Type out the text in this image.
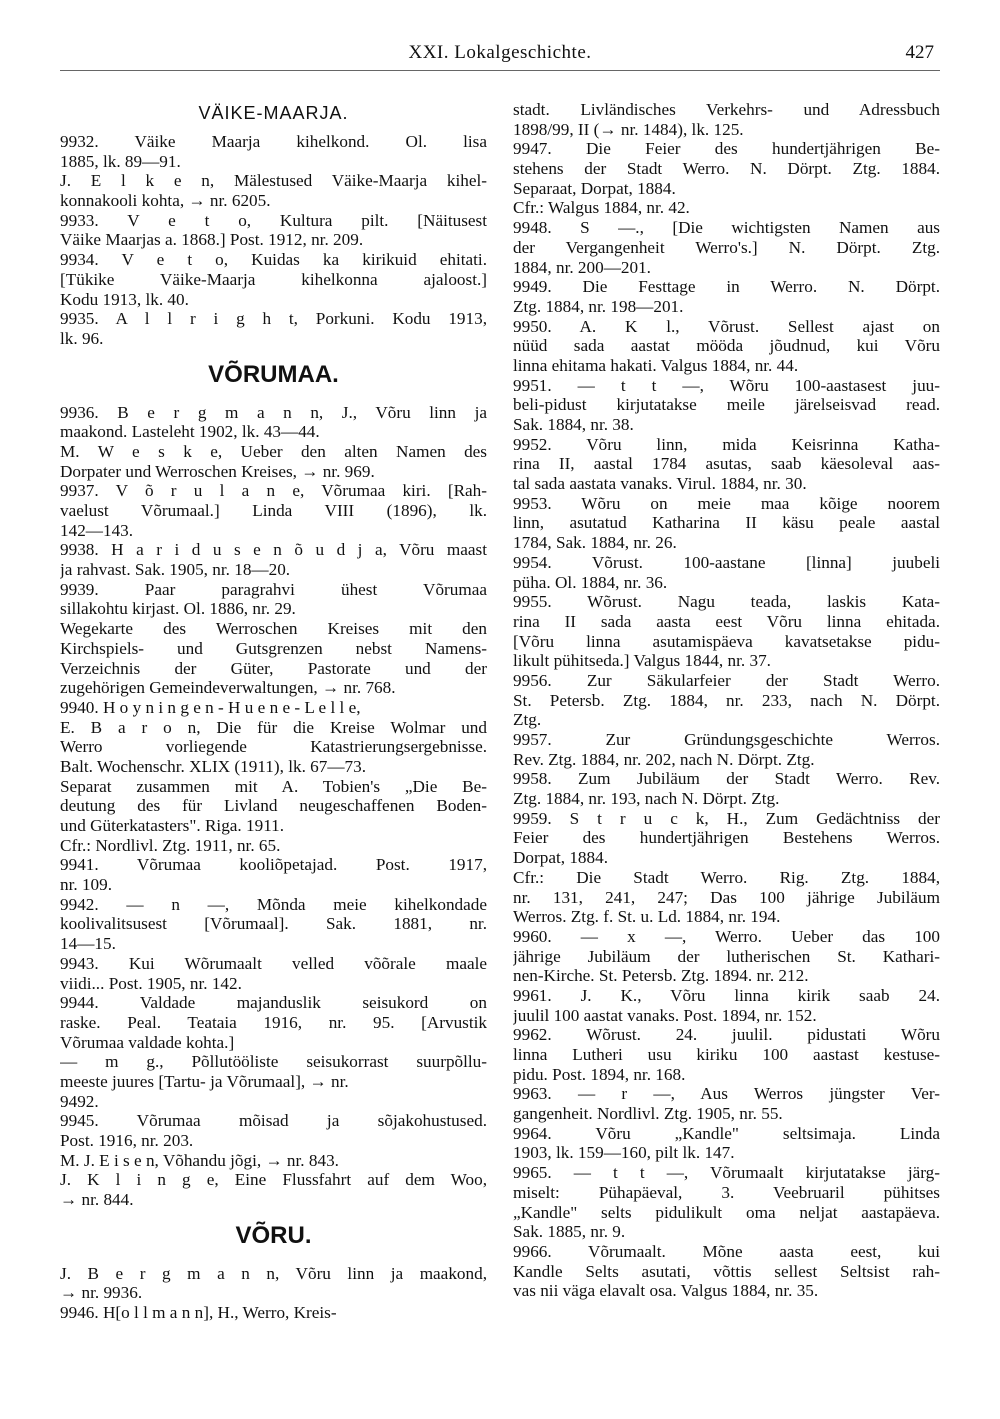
XXI. Lokalgeschichte.	427
VÄIKE-MAARJA.
9932. Väike Maarja kihelkond. Ol. lisa
1885, lk. 89—91.
J. E l k e n, Mälestused Väike-Maarja kihel-
konnakooli kohta, → nr. 6205.
9933. V e t o, Kultura pilt. [Näitusest
Väike Maarjas a. 1868.] Post. 1912, nr. 209.
9934. V e t o, Kuidas ka kirikuid ehitati.
[Tükike Väike-Maarja kihelkonna ajaloost.]
Kodu 1913, lk. 40.
9935. A l l r i g h t, Porkuni. Kodu 1913,
lk. 96.
VÕRUMAA.
9936. B e r g m a n n, J., Võru linn ja
maakond. Lasteleht 1902, lk. 43—44.
M. W e s k e, Ueber den alten Namen des
Dorpater und Werroschen Kreises, → nr. 969.
9937. V õ r u l a n e, Võrumaa kiri. [Rah-
vaelust Võrumaal.] Linda VIII (1896), lk.
142—143.
9938. H a r i d u s e n õ u d j a, Võru maast
ja rahvast. Sak. 1905, nr. 18—20.
9939. Paar paragrahvi ühest Võrumaa
sillakohtu kirjast. Ol. 1886, nr. 29.
Wegekarte des Werroschen Kreises mit den
Kirchspiels- und Gutsgrenzen nebst Namens-
Verzeichnis der Güter, Pastorate und der
zugehörigen Gemeindeverwaltungen, → nr. 768.
9940. H o y n i n g e n - H u e n e - L e l l e,
E. B a r o n, Die für die Kreise Wolmar und
Werro vorliegende Katastrierungsergebnisse.
Balt. Wochenschr. XLIX (1911), lk. 67—73.
Separat zusammen mit A. Tobien's „Die Be-
deutung des für Livland neugeschaffenen Boden-
und Güterkatasters". Riga. 1911.
Cfr.: Nordlivl. Ztg. 1911, nr. 65.
9941. Võrumaa kooliõpetajad. Post. 1917,
nr. 109.
9942. — n —, Mõnda meie kihelkondade
koolivalitsusest [Võrumaal]. Sak. 1881, nr.
14—15.
9943. Kui Wõrumaalt velled võõrale maale
viidi... Post. 1905, nr. 142.
9944. Valdade majanduslik seisukord on
raske. Peal. Teataia 1916, nr. 95. [Arvustik
Võrumaa valdade kohta.]
— m g., Põllutööliste seisukorrast suurpõllu-
meeste juures [Tartu- ja Võrumaal], → nr.
9492.
9945. Võrumaa mõisad ja sõjakohustused.
Post. 1916, nr. 203.
M. J. E i s e n, Võhandu jõgi, → nr. 843.
J. K l i n g e, Eine Flussfahrt auf dem Woo,
→ nr. 844.
VÕRU.
J. B e r g m a n n, Võru linn ja maakond,
→ nr. 9936.
9946. H[o l l m a n n], H., Werro, Kreis-
stadt. Livländisches Verkehrs- und Adressbuch
1898/99, II (→ nr. 1484), lk. 125.
9947. Die Feier des hundertjährigen Be-
stehens der Stadt Werro. N. Dörpt. Ztg. 1884.
Separaat, Dorpat, 1884.
Cfr.: Walgus 1884, nr. 42.
9948. S —., [Die wichtigsten Namen aus
der Vergangenheit Werro's.] N. Dörpt. Ztg.
1884, nr. 200—201.
9949. Die Festtage in Werro. N. Dörpt.
Ztg. 1884, nr. 198—201.
9950. A. K l., Võrust. Sellest ajast on
nüüd sada aastat mööda jõudnud, kui Võru
linna ehitama hakati. Valgus 1884, nr. 44.
9951. — t t —, Wõru 100-aastasest juu-
beli-pidust kirjutatakse meile järelseisvad read.
Sak. 1884, nr. 38.
9952. Võru linn, mida Keisrinna Katha-
rina II, aastal 1784 asutas, saab käesoleval aas-
tal sada aastata vanaks. Virul. 1884, nr. 30.
9953. Wõru on meie maa kõige noorem
linn, asutatud Katharina II käsu peale aastal
1784, Sak. 1884, nr. 26.
9954. Võrust. 100-aastane [linna] juubeli
püha. Ol. 1884, nr. 36.
9955. Wõrust. Nagu teada, laskis Kata-
rina II sada aasta eest Võru linna ehitada.
[Võru linna asutamispäeva kavatsetakse pidu-
likult pühitseda.] Valgus 1844, nr. 37.
9956. Zur Säkularfeier der Stadt Werro.
St. Petersb. Ztg. 1884, nr. 233, nach N. Dörpt.
Ztg.
9957. Zur Gründungsgeschichte Werros.
Rev. Ztg. 1884, nr. 202, nach N. Dörpt. Ztg.
9958. Zum Jubiläum der Stadt Werro. Rev.
Ztg. 1884, nr. 193, nach N. Dörpt. Ztg.
9959. S t r u c k, H., Zum Gedächtniss der
Feier des hundertjährigen Bestehens Werros.
Dorpat, 1884.
Cfr.: Die Stadt Werro. Rig. Ztg. 1884,
nr. 131, 241, 247; Das 100 jährige Jubiläum
Werros. Ztg. f. St. u. Ld. 1884, nr. 194.
9960. — x —, Werro. Ueber das 100
jährige Jubiläum der lutherischen St. Kathari-
nen-Kirche. St. Petersb. Ztg. 1894. nr. 212.
9961. J. K., Võru linna kirik saab 24.
juulil 100 aastat vanaks. Post. 1894, nr. 152.
9962. Wõrust. 24. juulil. pidustati Wõru
linna Lutheri usu kiriku 100 aastast kestuse-
pidu. Post. 1894, nr. 168.
9963. — r —, Aus Werros jüngster Ver-
gangenheit. Nordlivl. Ztg. 1905, nr. 55.
9964. Võru „Kandle" seltsimaja. Linda
1903, lk. 159—160, pilt lk. 147.
9965. — t t —, Võrumaalt kirjutatakse järg-
miselt: Pühapäeval, 3. Veebruaril pühitses
„Kandle" selts pidulikult oma neljat aastapäeva.
Sak. 1885, nr. 9.
9966. Võrumaalt. Mõne aasta eest, kui
Kandle Selts asutati, võttis sellest Seltsist rah-
vas nii väga elavalt osa. Valgus 1884, nr. 35.
